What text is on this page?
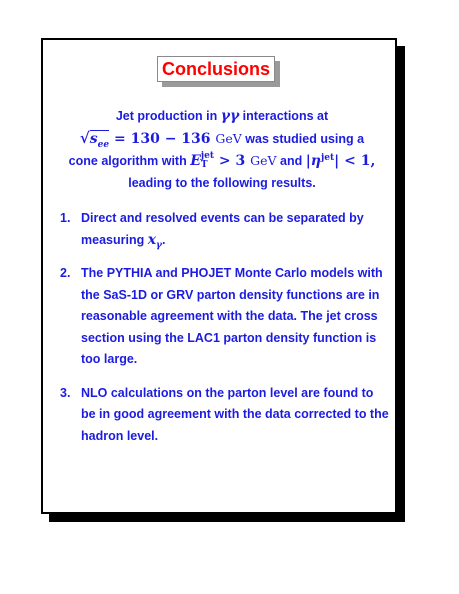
Conclusions
Jet production in γγ interactions at
$√s_{ee} = 130 - 136$ GeV was studied using a
cone algorithm with E jet
T > 3 GeV and $|\eta^{jet}| < 1$,
leading to the following results.
1. Direct and resolved events can be separated by measuring $x_\gamma$.
2. The PYTHIA and PHOJET Monte Carlo models with the SaS-1D or GRV parton density functions are in reasonable agreement with the data. The jet cross section using the LAC1 parton density function is too large.
3. NLO calculations on the parton level are found to be in good agreement with the data corrected to the hadron level.
